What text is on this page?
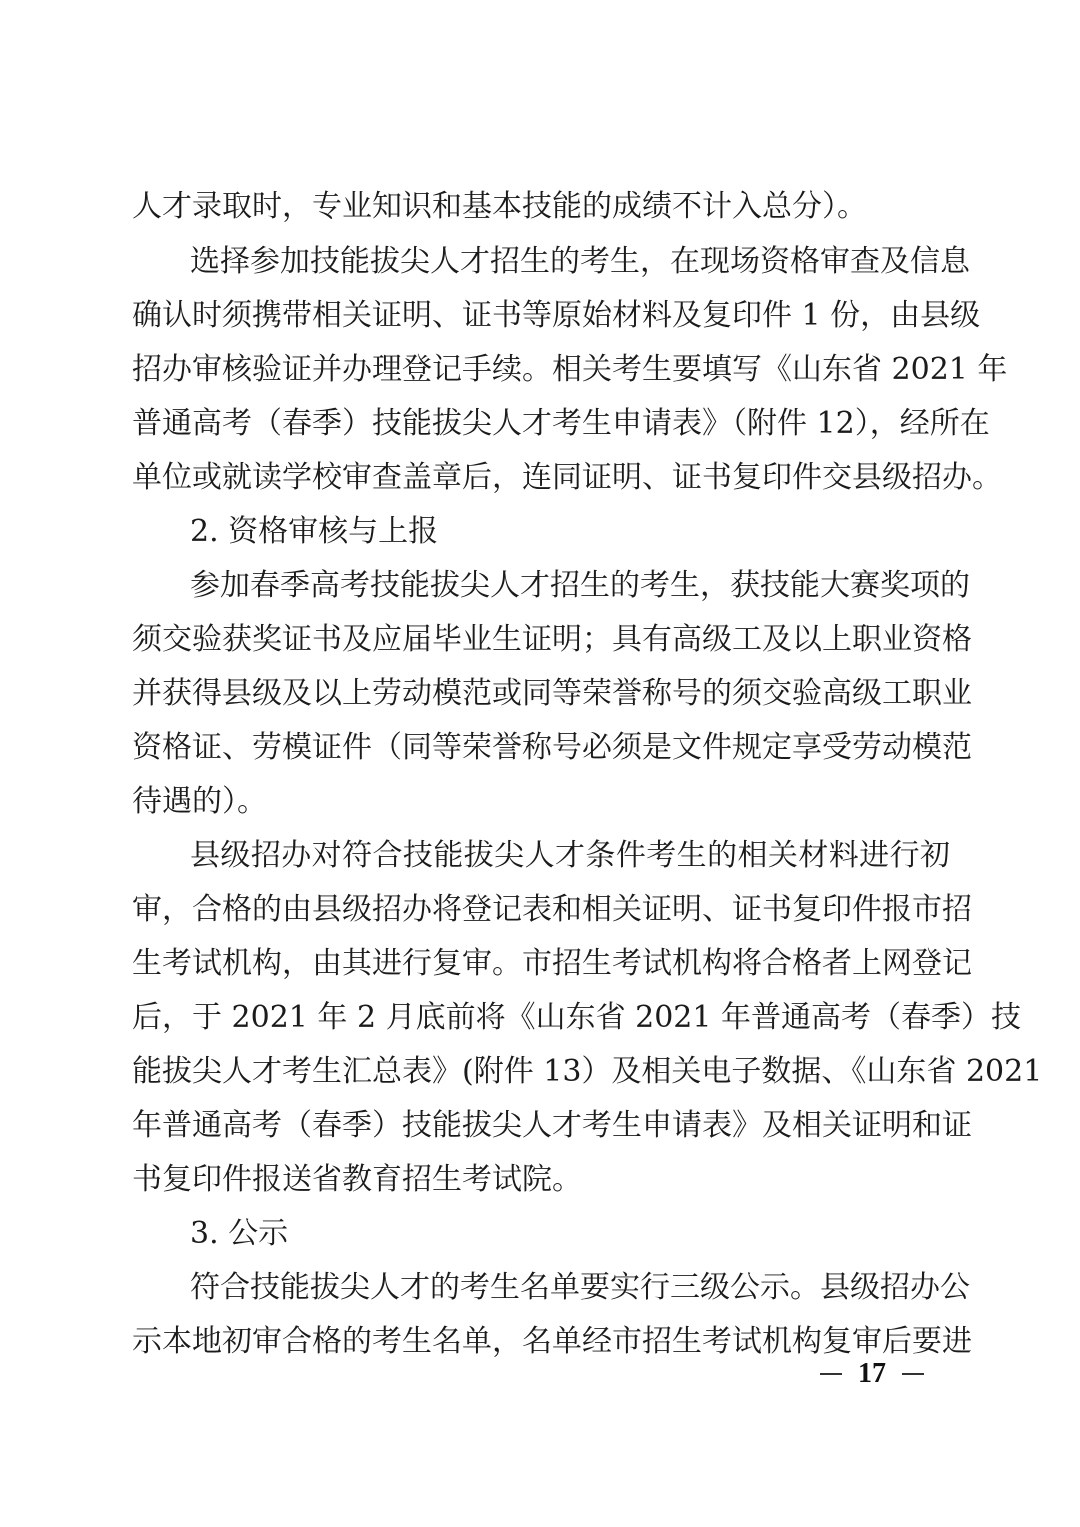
人才录取时，专业知识和基本技能的成绩不计入总分）。
选择参加技能拔尖人才招生的考生，在现场资格审查及信息
确认时须携带相关证明、证书等原始材料及复印件 1 份，由县级
招办审核验证并办理登记手续。相关考生要填写《山东省 2021 年
普通高考（春季）技能拔尖人才考生申请表》（附件 12），经所在
单位或就读学校审查盖章后，连同证明、证书复印件交县级招办。
2. 资格审核与上报
参加春季高考技能拔尖人才招生的考生，获技能大赛奖项的
须交验获奖证书及应届毕业生证明；具有高级工及以上职业资格
并获得县级及以上劳动模范或同等荣誉称号的须交验高级工职业
资格证、劳模证件（同等荣誉称号必须是文件规定享受劳动模范
待遇的）。
县级招办对符合技能拔尖人才条件考生的相关材料进行初
审，合格的由县级招办将登记表和相关证明、证书复印件报市招
生考试机构，由其进行复审。市招生考试机构将合格者上网登记
后，于 2021 年 2 月底前将《山东省 2021 年普通高考（春季）技
能拔尖人才考生汇总表》(附件 13）及相关电子数据、《山东省 2021
年普通高考（春季）技能拔尖人才考生申请表》及相关证明和证
书复印件报送省教育招生考试院。
3. 公示
符合技能拔尖人才的考生名单要实行三级公示。县级招办公
示本地初审合格的考生名单，名单经市招生考试机构复审后要进
17
